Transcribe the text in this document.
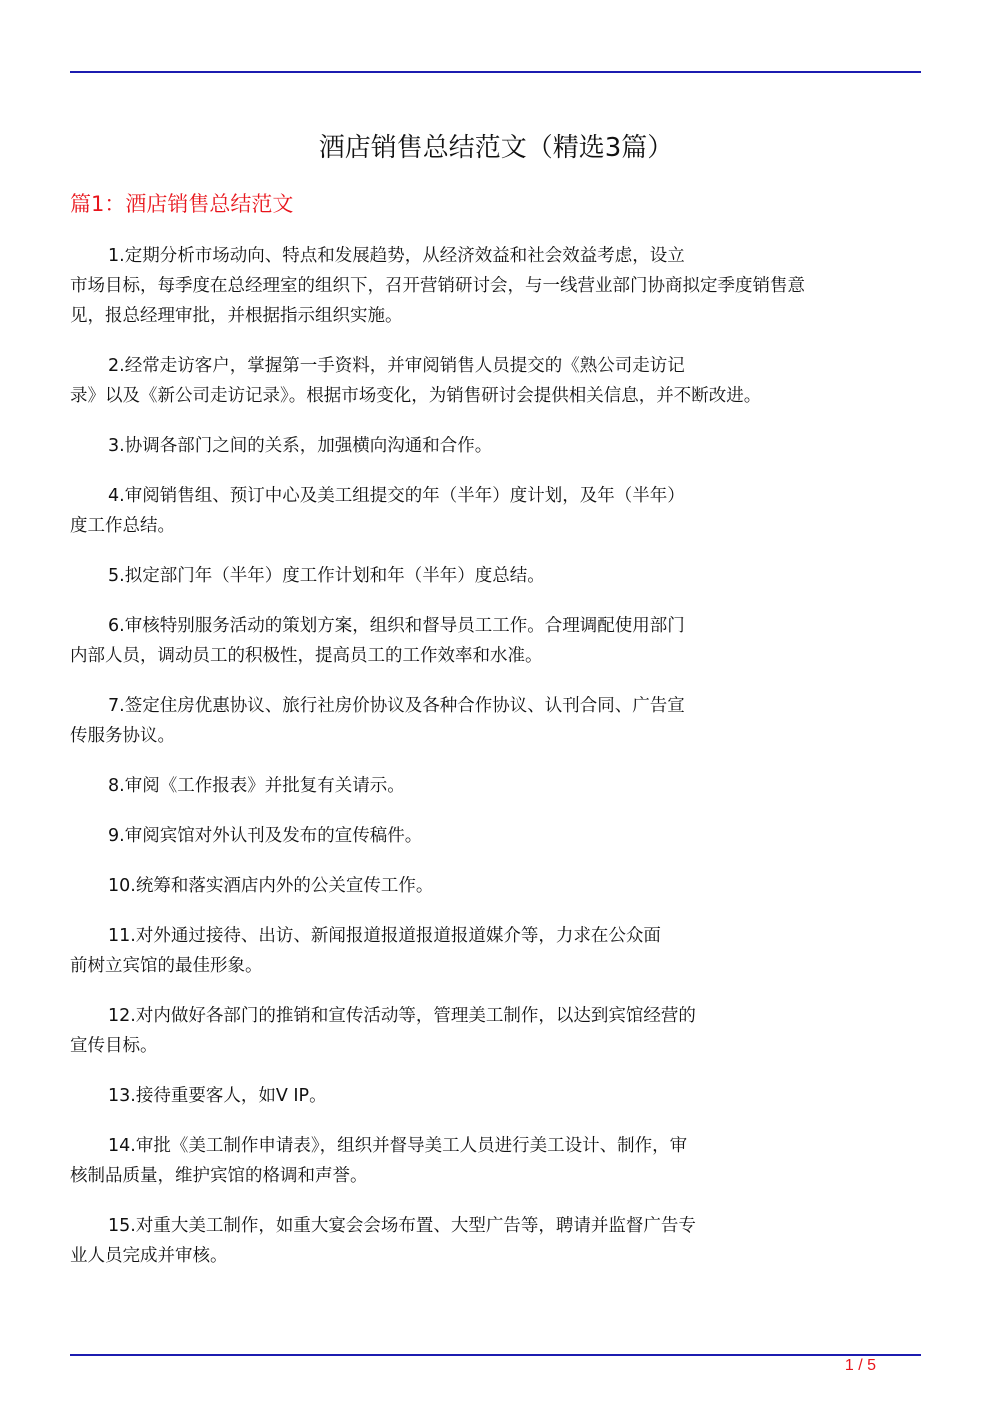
酒店销售总结范文（精选3篇）
篇1：酒店销售总结范文
1.定期分析市场动向、特点和发展趋势，从经济效益和社会效益考虑，设立
市场目标，每季度在总经理室的组织下，召开营销研讨会，与一线营业部门协商拟定季度销售意
见，报总经理审批，并根据指示组织实施。
2.经常走访客户，掌握第一手资料，并审阅销售人员提交的《熟公司走访记
录》以及《新公司走访记录》。根据市场变化，为销售研讨会提供相关信息，并不断改进。
3.协调各部门之间的关系，加强横向沟通和合作。
4.审阅销售组、预订中心及美工组提交的年（半年）度计划，及年（半年）
度工作总结。
5.拟定部门年（半年）度工作计划和年（半年）度总结。
6.审核特别服务活动的策划方案，组织和督导员工工作。合理调配使用部门
内部人员，调动员工的积极性，提高员工的工作效率和水准。
7.签定住房优惠协议、旅行社房价协议及各种合作协议、认刊合同、广告宣
传服务协议。
8.审阅《工作报表》并批复有关请示。
9.审阅宾馆对外认刊及发布的宣传稿件。
10.统筹和落实酒店内外的公关宣传工作。
11.对外通过接待、出访、新闻报道报道报道报道媒介等，力求在公众面
前树立宾馆的最佳形象。
12.对内做好各部门的推销和宣传活动等，管理美工制作，以达到宾馆经营的
宣传目标。
13.接待重要客人，如V IP。
14.审批《美工制作申请表》，组织并督导美工人员进行美工设计、制作，审
核制品质量，维护宾馆的格调和声誉。
15.对重大美工制作，如重大宴会会场布置、大型广告等，聘请并监督广告专
业人员完成并审核。
1 / 5
